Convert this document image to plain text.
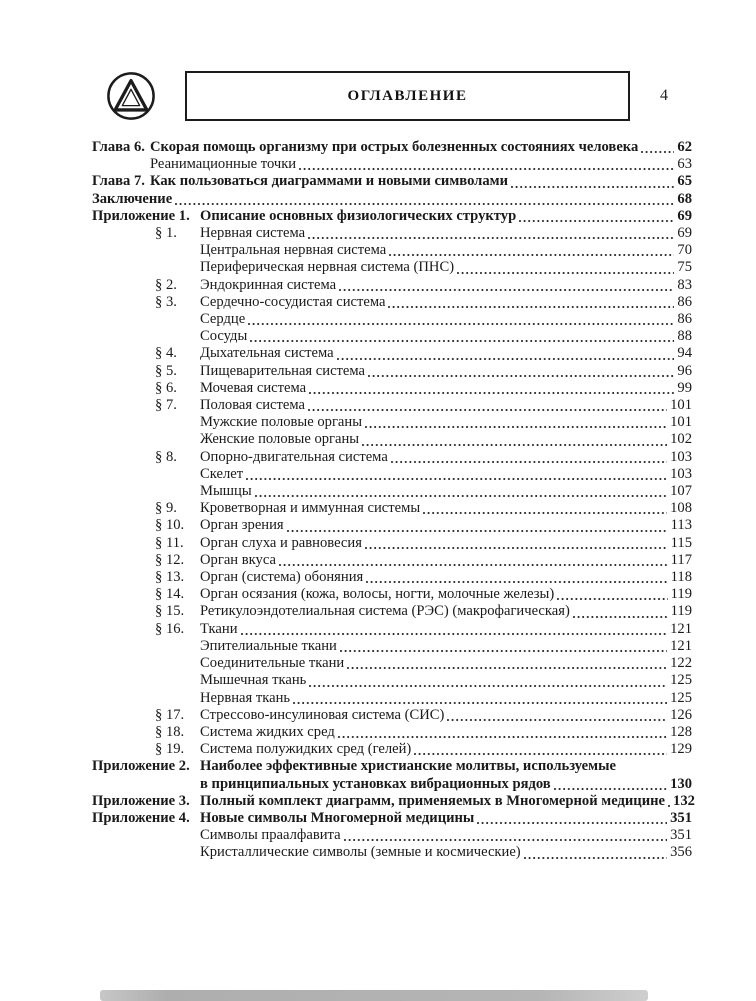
ОГЛАВЛЕНИЕ	4
Глава 6. Скорая помощь организму при острых болезненных состояниях человека	62
Реанимационные точки	63
Глава 7. Как пользоваться диаграммами и новыми символами	65
Заключение	68
Приложение 1. Описание основных физиологических структур	69
§ 1.	Нервная система	69
Центральная нервная система	70
Периферическая нервная система (ПНС)	75
§ 2.	Эндокринная система	83
§ 3.	Сердечно-сосудистая система	86
Сердце	86
Сосуды	88
§ 4.	Дыхательная система	94
§ 5.	Пищеварительная система	96
§ 6.	Мочевая система	99
§ 7.	Половая система	101
Мужские половые органы	101
Женские половые органы	102
§ 8.	Опорно-двигательная система	103
Скелет	103
Мышцы	107
§ 9.	Кроветворная и иммунная системы	108
§ 10.	Орган зрения	113
§ 11.	Орган слуха и равновесия	115
§ 12.	Орган вкуса	117
§ 13.	Орган (система) обоняния	118
§ 14.	Орган осязания (кожа, волосы, ногти, молочные железы)	119
§ 15.	Ретикулоэндотелиальная система (РЭС) (макрофагическая)	119
§ 16.	Ткани	121
Эпителиальные ткани	121
Соединительные ткани	122
Мышечная ткань	125
Нервная ткань	125
§ 17.	Стрессово-инсулиновая система (СИС)	126
§ 18.	Система жидких сред	128
§ 19.	Система полужидких сред (гелей)	129
Приложение 2. Наиболее эффективные христианские молитвы, используемые
в принципиальных установках вибрационных рядов	130
Приложение 3. Полный комплект диаграмм, применяемых в Многомерной медицине 132
Приложение 4. Новые символы Многомерной медицины	351
Символы праалфавита	351
Кристаллические символы (земные и космические)	356
